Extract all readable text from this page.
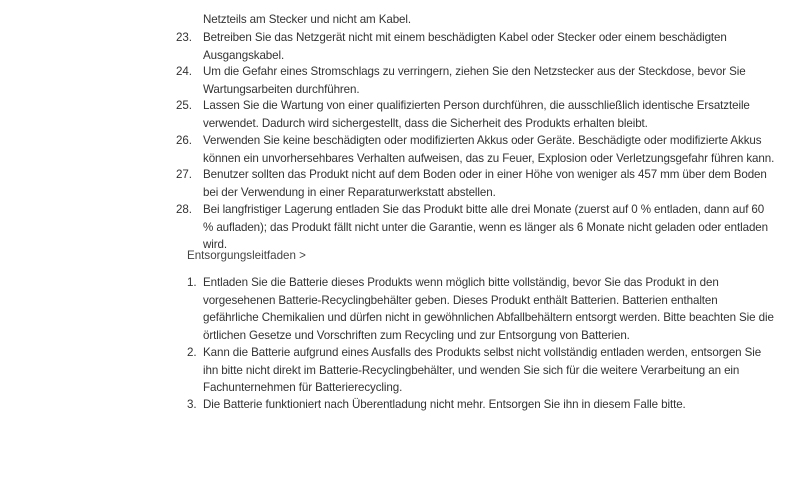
Netzteils am Stecker und nicht am Kabel.
23. Betreiben Sie das Netzgerät nicht mit einem beschädigten Kabel oder Stecker oder einem beschädigten Ausgangskabel.
24. Um die Gefahr eines Stromschlags zu verringern, ziehen Sie den Netzstecker aus der Steckdose, bevor Sie Wartungsarbeiten durchführen.
25. Lassen Sie die Wartung von einer qualifizierten Person durchführen, die ausschließlich identische Ersatzteile verwendet. Dadurch wird sichergestellt, dass die Sicherheit des Produkts erhalten bleibt.
26. Verwenden Sie keine beschädigten oder modifizierten Akkus oder Geräte. Beschädigte oder modifizierte Akkus können ein unvorhersehbares Verhalten aufweisen, das zu Feuer, Explosion oder Verletzungsgefahr führen kann.
27. Benutzer sollten das Produkt nicht auf dem Boden oder in einer Höhe von weniger als 457 mm über dem Boden bei der Verwendung in einer Reparaturwerkstatt abstellen.
28. Bei langfristiger Lagerung entladen Sie das Produkt bitte alle drei Monate (zuerst auf 0 % entladen, dann auf 60 % aufladen); das Produkt fällt nicht unter die Garantie, wenn es länger als 6 Monate nicht geladen oder entladen wird.
Entsorgungsleitfaden >
1. Entladen Sie die Batterie dieses Produkts wenn möglich bitte vollständig, bevor Sie das Produkt in den vorgesehenen Batterie-Recyclingbehälter geben. Dieses Produkt enthält Batterien. Batterien enthalten gefährliche Chemikalien und dürfen nicht in gewöhnlichen Abfallbehältern entsorgt werden. Bitte beachten Sie die örtlichen Gesetze und Vorschriften zum Recycling und zur Entsorgung von Batterien.
2. Kann die Batterie aufgrund eines Ausfalls des Produkts selbst nicht vollständig entladen werden, entsorgen Sie ihn bitte nicht direkt im Batterie-Recyclingbehälter, und wenden Sie sich für die weitere Verarbeitung an ein Fachunternehmen für Batterierecycling.
3. Die Batterie funktioniert nach Überentladung nicht mehr. Entsorgen Sie ihn in diesem Falle bitte.
